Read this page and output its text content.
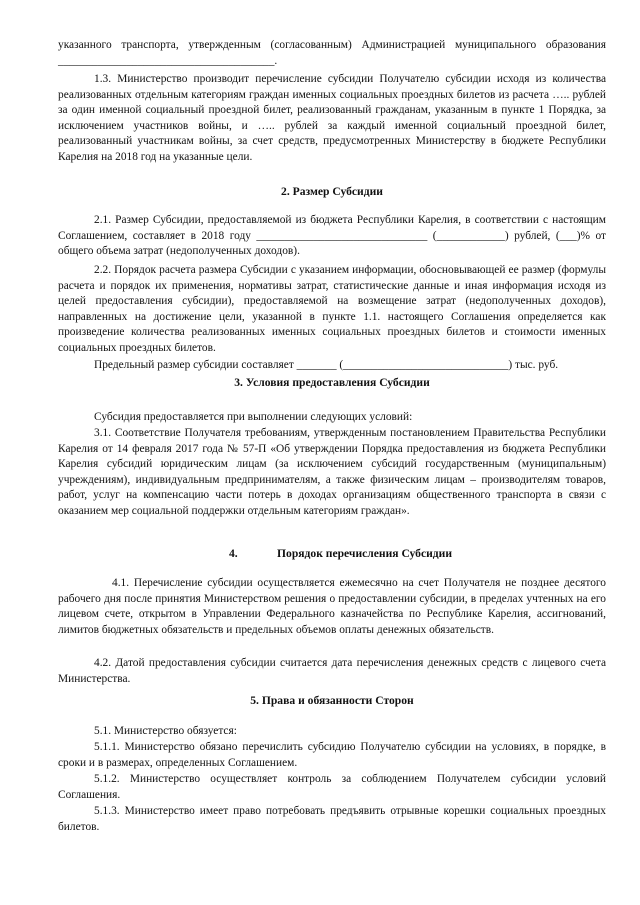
указанного транспорта, утвержденным (согласованным) Администрацией муниципального образования ______________________________________.

1.3. Министерство производит перечисление субсидии Получателю субсидии исходя из количества реализованных отдельным категориям граждан именных социальных проездных билетов из расчета ….. рублей за один именной социальный проездной билет, реализованный гражданам, указанным в пункте 1 Порядка, за исключением участников войны, и ….. рублей за каждый именной социальный проездной билет, реализованный участникам войны, за счет средств, предусмотренных Министерству в бюджете Республики Карелия на 2018 год на указанные цели.

2. Размер Субсидии

2.1. Размер Субсидии, предоставляемой из бюджета Республики Карелия, в соответствии с настоящим Соглашением, составляет в 2018 году ______________________________ (____________) рублей, (___)% от общего объема затрат (недополученных доходов).

2.2. Порядок расчета размера Субсидии с указанием информации, обосновывающей ее размер (формулы расчета и порядок их применения, нормативы затрат, статистические данные и иная информация исходя из целей предоставления субсидии), предоставляемой на возмещение затрат (недополученных доходов), направленных на достижение цели, указанной в пункте 1.1. настоящего Соглашения определяется как произведение количества реализованных именных социальных проездных билетов и стоимости именных социальных проездных билетов.

Предельный размер субсидии составляет _______ (_____________________________) тыс. руб.

3. Условия предоставления Субсидии

Субсидия предоставляется при выполнении следующих условий:

3.1. Соответствие Получателя требованиям, утвержденным постановлением Правительства Республики Карелия от 14 февраля 2017 года № 57-П «Об утверждении Порядка предоставления из бюджета Республики Карелия субсидий юридическим лицам (за исключением субсидий государственным (муниципальным) учреждениям), индивидуальным предпринимателям, а также физическим лицам – производителям товаров, работ, услуг на компенсацию части потерь в доходах организациям общественного транспорта в связи с оказанием мер социальной поддержки отдельным категориям граждан».

4.	Порядок перечисления Субсидии

4.1. Перечисление субсидии осуществляется ежемесячно на счет Получателя не позднее десятого рабочего дня после принятия Министерством решения о предоставлении субсидии, в пределах учтенных на его лицевом счете, открытом в Управлении Федерального казначейства по Республике Карелия, ассигнований, лимитов бюджетных обязательств и предельных объемов оплаты денежных обязательств.

4.2. Датой предоставления субсидии считается дата перечисления денежных средств с лицевого счета Министерства.

5. Права и обязанности Сторон

5.1. Министерство обязуется:

5.1.1. Министерство обязано перечислить субсидию Получателю субсидии на условиях, в порядке, в сроки и в размерах, определенных Соглашением.

5.1.2. Министерство осуществляет контроль за соблюдением Получателем субсидии условий Соглашения.

5.1.3. Министерство имеет право потребовать предъявить отрывные корешки социальных проездных билетов.
